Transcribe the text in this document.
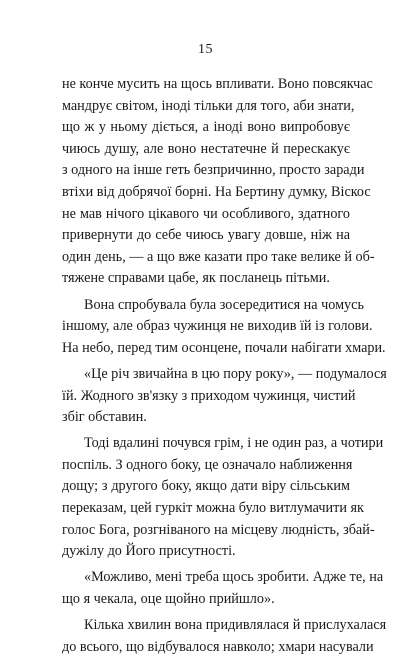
15
не конче мусить на щось впливати. Воно повсякчас
мандрує світом, іноді тільки для того, аби знати,
що ж у ньому діється, а іноді воно випробовує
чиюсь душу, але воно нестатечне й перескакує
з одного на інше геть безпричинно, просто заради
втіхи від добрячої борні. На Бертину думку, Віскос
не мав нічого цікавого чи особливого, здатного
привернути до себе чиюсь увагу довше, ніж на
один день, — а що вже казати про таке велике й об-
тяжене справами цабе, як посланець пітьми.
Вона спробувала була зосередитися на чомусь
іншому, але образ чужинця не виходив їй із голови.
На небо, перед тим осонцене, почали набігати хмари.
«Це річ звичайна в цю пору року», — подумалося
їй. Жодного зв'язку з приходом чужинця, чистий
збіг обставин.
Тоді вдалині почувся грім, і не один раз, а чотири
поспіль. З одного боку, це означало наближення
дощу; з другого боку, якщо дати віру сільським
переказам, цей гуркіт можна було витлумачити як
голос Бога, розгніваного на місцеву людність, збай-
дужілу до Його присутності.
«Можливо, мені треба щось зробити. Адже те, на
що я чекала, оце щойно прийшло».
Кілька хвилин вона придивлялася й прислухалася
до всього, що відбувалося навколо; хмари насували
